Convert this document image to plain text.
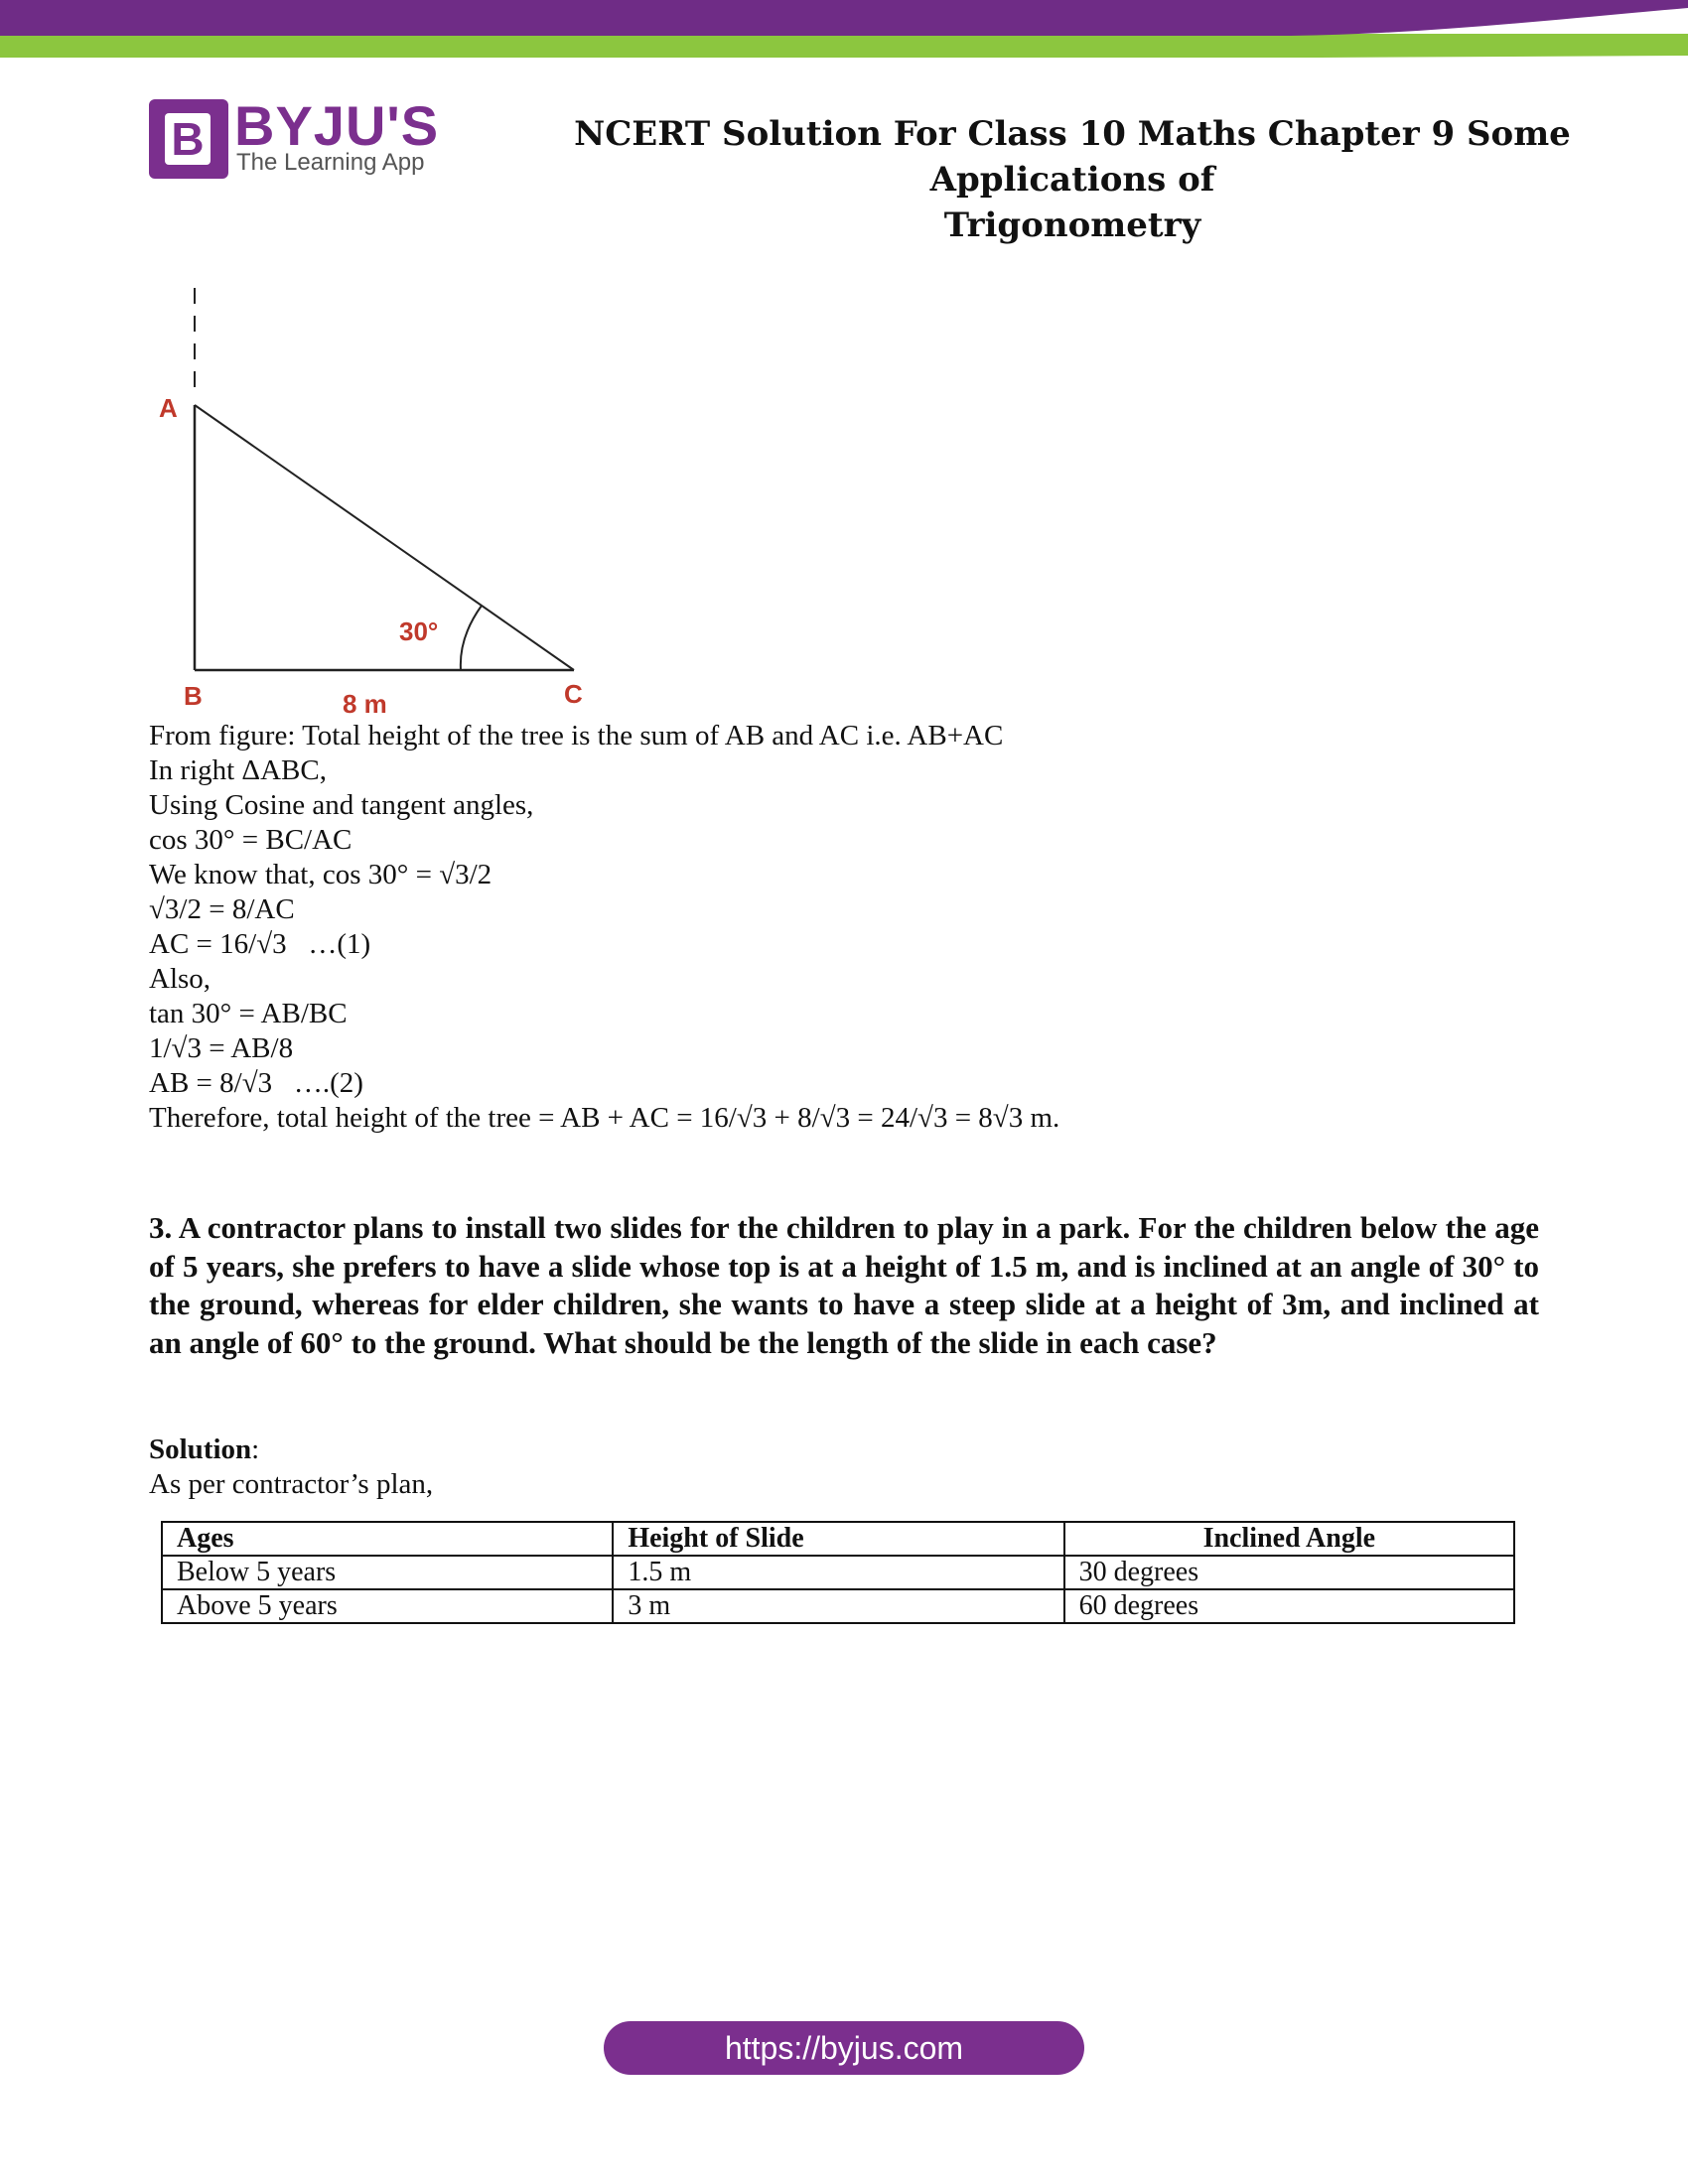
B BYJU'S
The Learning App
NCERT Solution For Class 10 Maths Chapter 9 Some Applications of
Trigonometry
A
B	C
8 m
30°
From figure: Total height of the tree is the sum of AB and AC i.e. AB+AC
In right ΔABC,
Using Cosine and tangent angles,
cos 30° = BC/AC
We know that, cos 30° = √3/2
√3/2 = 8/AC
AC = 16/√3   …(1)
Also,
tan 30° = AB/BC
1/√3 = AB/8
AB = 8/√3   ….(2)
Therefore, total height of the tree = AB + AC = 16/√3 + 8/√3 = 24/√3 = 8√3 m.
3. A contractor plans to install two slides for the children to play in a park. For the children below the age of 5 years, she prefers to have a slide whose top is at a height of 1.5 m, and is inclined at an angle of 30° to the ground, whereas for elder children, she wants to have a steep slide at a height of 3m, and inclined at an angle of 60° to the ground. What should be the length of the slide in each case?
Solution:
As per contractor’s plan,
Ages	Height of Slide	Inclined Angle
Below 5 years	1.5 m	30 degrees
Above 5 years	3 m	60 degrees
https://byjus.com
